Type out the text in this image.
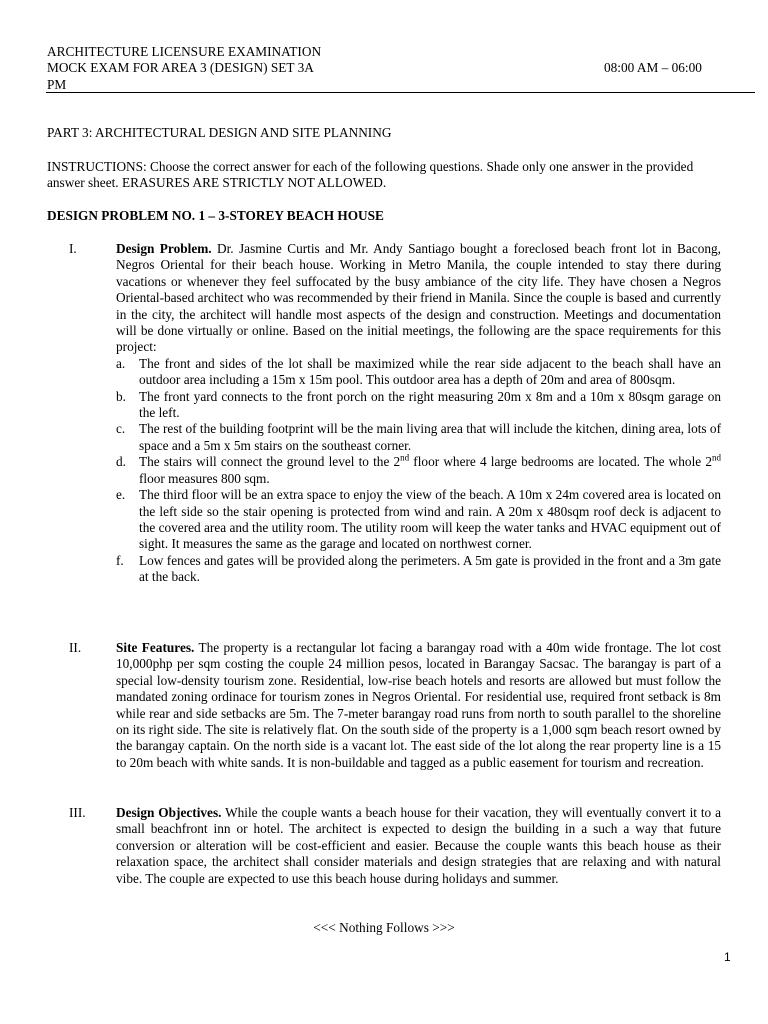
ARCHITECTURE LICENSURE EXAMINATION
MOCK EXAM FOR AREA 3 (DESIGN) SET 3A	08:00 AM – 06:00
PM
PART 3: ARCHITECTURAL DESIGN AND SITE PLANNING
INSTRUCTIONS: Choose the correct answer for each of the following questions. Shade only one answer in the provided answer sheet. ERASURES ARE STRICTLY NOT ALLOWED.
DESIGN PROBLEM NO. 1 – 3-STOREY BEACH HOUSE
I.	Design Problem. Dr. Jasmine Curtis and Mr. Andy Santiago bought a foreclosed beach front lot in Bacong, Negros Oriental for their beach house. Working in Metro Manila, the couple intended to stay there during vacations or whenever they feel suffocated by the busy ambiance of the city life. They have chosen a Negros Oriental-based architect who was recommended by their friend in Manila. Since the couple is based and currently in the city, the architect will handle most aspects of the design and construction. Meetings and documentation will be done virtually or online. Based on the initial meetings, the following are the space requirements for this project:
a. The front and sides of the lot shall be maximized while the rear side adjacent to the beach shall have an outdoor area including a 15m x 15m pool. This outdoor area has a depth of 20m and area of 800sqm.
b. The front yard connects to the front porch on the right measuring 20m x 8m and a 10m x 80sqm garage on the left.
c. The rest of the building footprint will be the main living area that will include the kitchen, dining area, lots of space and a 5m x 5m stairs on the southeast corner.
d. The stairs will connect the ground level to the 2nd floor where 4 large bedrooms are located. The whole 2nd floor measures 800 sqm.
e. The third floor will be an extra space to enjoy the view of the beach. A 10m x 24m covered area is located on the left side so the stair opening is protected from wind and rain. A 20m x 480sqm roof deck is adjacent to the covered area and the utility room. The utility room will keep the water tanks and HVAC equipment out of sight. It measures the same as the garage and located on northwest corner.
f. Low fences and gates will be provided along the perimeters. A 5m gate is provided in the front and a 3m gate at the back.
II.	Site Features. The property is a rectangular lot facing a barangay road with a 40m wide frontage. The lot cost 10,000php per sqm costing the couple 24 million pesos, located in Barangay Sacsac. The barangay is part of a special low-density tourism zone. Residential, low-rise beach hotels and resorts are allowed but must follow the mandated zoning ordinace for tourism zones in Negros Oriental. For residential use, required front setback is 8m while rear and side setbacks are 5m. The 7-meter barangay road runs from north to south parallel to the shoreline on its right side. The site is relatively flat. On the south side of the property is a 1,000 sqm beach resort owned by the barangay captain. On the north side is a vacant lot. The east side of the lot along the rear property line is a 15 to 20m beach with white sands. It is non-buildable and tagged as a public easement for tourism and recreation.
III. Design Objectives. While the couple wants a beach house for their vacation, they will eventually convert it to a small beachfront inn or hotel. The architect is expected to design the building in a such a way that future conversion or alteration will be cost-efficient and easier. Because the couple wants this beach house as their relaxation space, the architect shall consider materials and design strategies that are relaxing and with natural vibe. The couple are expected to use this beach house during holidays and summer.
<<< Nothing Follows >>>
1
